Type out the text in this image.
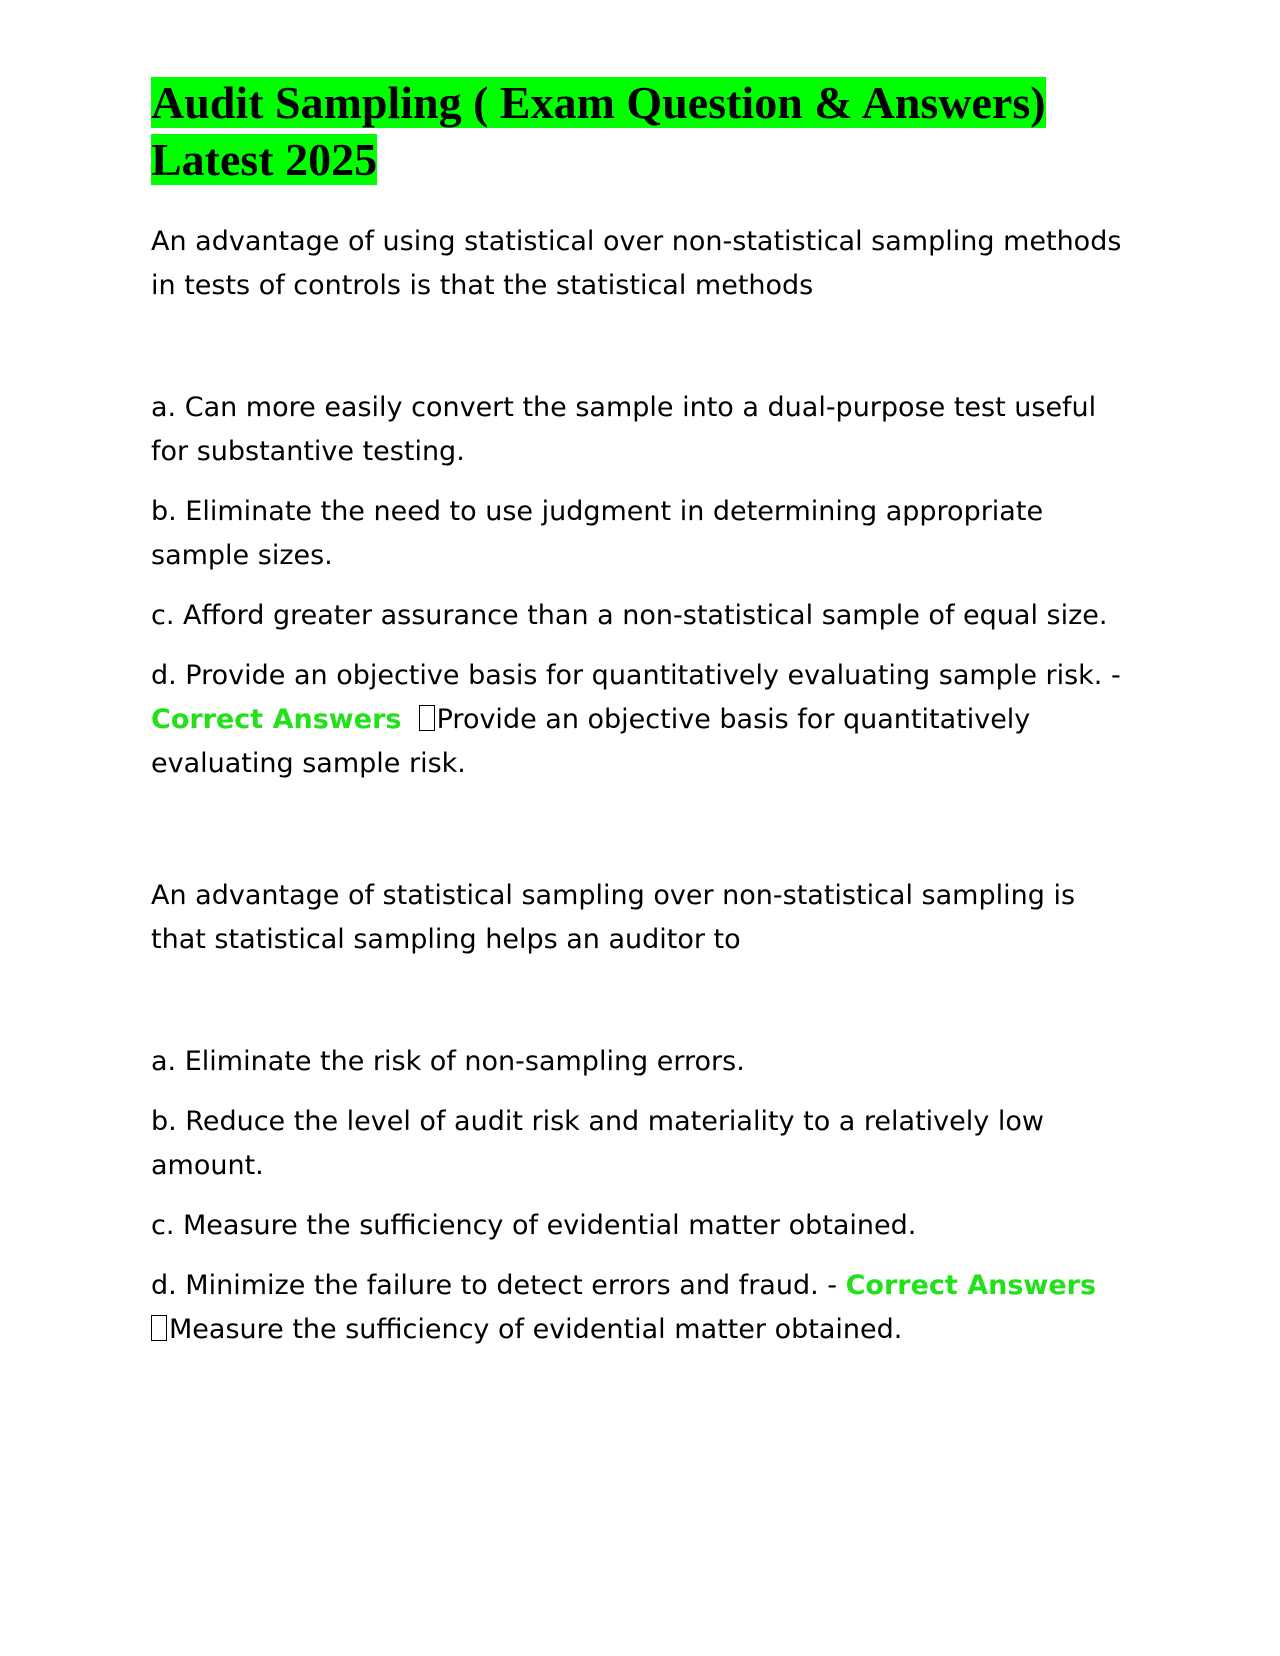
Audit Sampling ( Exam Question & Answers) Latest 2025

An advantage of using statistical over non-statistical sampling methods in tests of controls is that the statistical methods

a. Can more easily convert the sample into a dual-purpose test useful for substantive testing.

b. Eliminate the need to use judgment in determining appropriate sample sizes.

c. Afford greater assurance than a non-statistical sample of equal size.

d. Provide an objective basis for quantitatively evaluating sample risk. -
Correct Answers Provide an objective basis for quantitatively evaluating sample risk.

An advantage of statistical sampling over non-statistical sampling is that statistical sampling helps an auditor to

a. Eliminate the risk of non-sampling errors.

b. Reduce the level of audit risk and materiality to a relatively low amount.

c. Measure the sufficiency of evidential matter obtained.

d. Minimize the failure to detect errors and fraud. - Correct Answers
Measure the sufficiency of evidential matter obtained.
